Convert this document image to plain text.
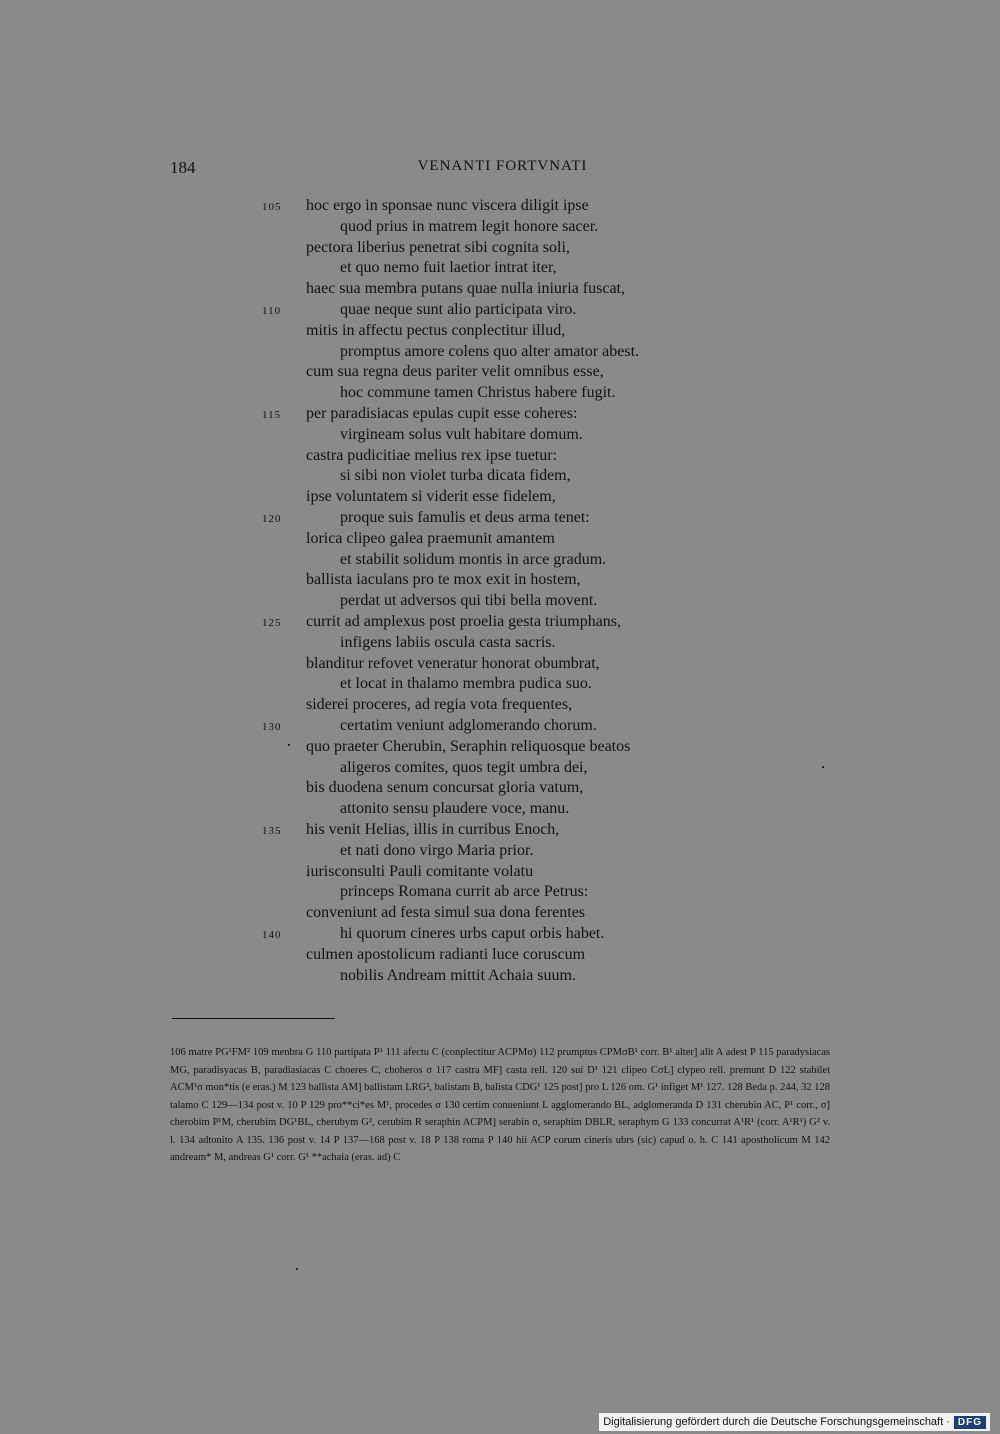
184	VENANTI FORTVNATI
105 hoc ergo in sponsae nunc viscera diligit ipse
quod prius in matrem legit honore sacer.
pectora liberius penetrat sibi cognita soli,
et quo nemo fuit laetior intrat iter,
haec sua membra putans quae nulla iniuria fuscat,
110	quae neque sunt alio participata viro.
mitis in affectu pectus conplectitur illud,
promptus amore colens quo alter amator abest.
cum sua regna deus pariter velit omnibus esse,
hoc commune tamen Christus habere fugit.
115 per paradisiacas epulas cupit esse coheres:
virgineam solus vult habitare domum.
castra pudicitiae melius rex ipse tuetur:
si sibi non violet turba dicata fidem,
ipse voluntatem si viderit esse fidelem,
120	proque suis famulis et deus arma tenet:
lorica clipeo galea praemunit amantem
et stabilit solidum montis in arce gradum.
ballista iaculans pro te mox exit in hostem,
perdat ut adversos qui tibi bella movent.
125 currit ad amplexus post proelia gesta triumphans,
infigens labiis oscula casta sacris.
blanditur refovet veneratur honorat obumbrat,
et locat in thalamo membra pudica suo.
siderei proceres, ad regia vota frequentes,
130	certatim veniunt adglomerando chorum.
quo praeter Cherubin, Seraphin reliquosque beatos
aligeros comites, quos tegit umbra dei,
bis duodena senum concursat gloria vatum,
attonito sensu plaudere voce, manu.
135 his venit Helias, illis in curribus Enoch,
et nati dono virgo Maria prior.
iurisconsulti Pauli comitante volatu
princeps Romana currit ab arce Petrus:
conveniunt ad festa simul sua dona ferentes
140	hi quorum cineres urbs caput orbis habet.
culmen apostolicum radianti luce coruscum
nobilis Andream mittit Achaia suum.
106 matre PG¹FM² 109 menbra G 110 partipata P¹ 111 afectu C (conplectitur ACPMσ) 112 prumptus CPMσB¹ corr. B¹ alter] alit A adest P 115 paradysiacas MG, paradisyacas B, paradiasiacas C choeres C, choheros σ 117 castra MF] casta rell. 120 sui D¹ 121 clipeo CσL] clypeo rell. premunt D 122 stabilet ACM¹σ mon*tis (e eras.) M 123 ballista AM] ballistam LRG², balistam B, balista CDG¹ 125 post] pro L 126 om. G¹ infiget M¹ 127. 128 Beda p. 244, 32 128 talamo C 129—134 post v. 10 P 129 pro**ci*es M¹, procedes σ 130 certim conueniunt L agglomerando BL, adglomeranda D 131 cherubin AC, P¹ corr., σ] cherobim P¹M, cherubim DG¹BL, cherubym G², cerubim R seraphin ACPM] serabin σ, seraphim DBLR, seraphym G 133 concurrat A¹R¹ (corr. A¹R¹) G² v. l. 134 adtonito A 135. 136 post v. 14 P 137—168 post v. 18 P 138 roma P 140 hii ACP corum cineris ubrs (sic) capud o. h. C 141 apostholicum M 142 andream* M, andreas G¹ corr. G¹ **achaia (eras. ad) C
Digitalisierung gefördert durch die Deutsche Forschungsgemeinschaft · DFG
